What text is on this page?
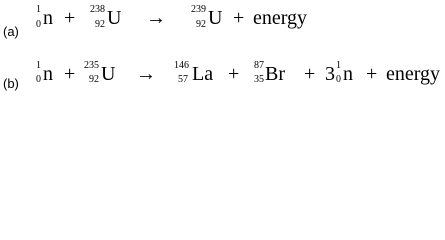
(a)
1
0 n + 238
92 U →	239
92 U + energy
(b)
1
0 n + 235
92 U → 146
57 La + 87
35 Br + 3 1
0 n + energy
